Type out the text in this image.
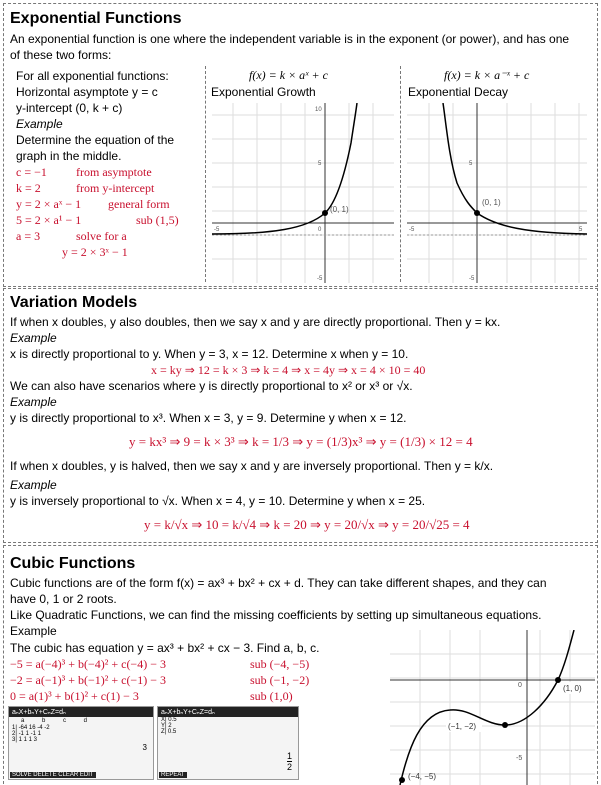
Exponential Functions
An exponential function is one where the independent variable is in the exponent (or power), and has one
of these two forms:
For all exponential functions:
Horizontal asymptote y = c
y-intercept (0, k + c)
Example
Determine the equation of the
graph in the middle.
c = −1 from asymptote
k = 2	from y-intercept
y = 2 × aˣ − 1 general form
5 = 2 × a¹ − 1	sub (1,5)
a = 3	solve for a
y = 2 × 3ˣ − 1
f(x) = k × aˣ + c
Exponential Growth
f(x) = k × a⁻ˣ + c
Exponential Decay
(0, 1)
10
5
-5
0
-5
(0, 1)
5
-5
-5	5
Variation Models
If when x doubles, y also doubles, then we say x and y are directly proportional. Then y = kx.
Example
x is directly proportional to y. When y = 3, x = 12. Determine x when y = 10.
x = ky ⇒ 12 = k × 3 ⇒ k = 4 ⇒ x = 4y ⇒ x = 4 × 10 = 40
We can also have scenarios where y is directly proportional to x² or x³ or √x.
Example
y is directly proportional to x³. When x = 3, y = 9. Determine y when x = 12.
y = kx³ ⇒ 9 = k × 3³ ⇒ k = 1/3 ⇒ y = (1/3)x³ ⇒ y = (1/3) × 12 = 4
If when x doubles, y is halved, then we say x and y are inversely proportional. Then y = k/x.
Example
y is inversely proportional to √x. When x = 4, y = 10. Determine y when x = 25.
y = k/√x ⇒ 10 = k/√4 ⇒ k = 20 ⇒ y = 20/√x ⇒ y = 20/√25 = 4
Cubic Functions
Cubic functions are of the form f(x) = ax³ + bx² + cx + d. They can take different shapes, and they can
have 0, 1 or 2 roots.
Like Quadratic Functions, we can find the missing coefficients by setting up simultaneous equations.
Example
The cubic has equation y = ax³ + bx² + cx − 3. Find a, b, c.
−5 = a(−4)³ + b(−4)² + c(−4) − 3	sub (−4, −5)
−2 = a(−1)³ + b(−1)² + c(−1) − 3	sub (−1, −2)
0 = a(1)³ + b(1)² + c(1) − 3	sub (1,0)
aₙX+bₙY+CₙZ=dₙ
a b c d
1| -64 16 -4 -2
2| -1 1 -1 1
3| 1 1 1 3
3
SOLVE DELETE CLEAR EDIT
aₙX+bₙY+CₙZ=dₙ
X| 0.5
Y| 2
Z| 0.5
$\frac{1}{2}$
REPEAT
(1, 0)
(−1, −2)
(−4, −5)
0
-5
